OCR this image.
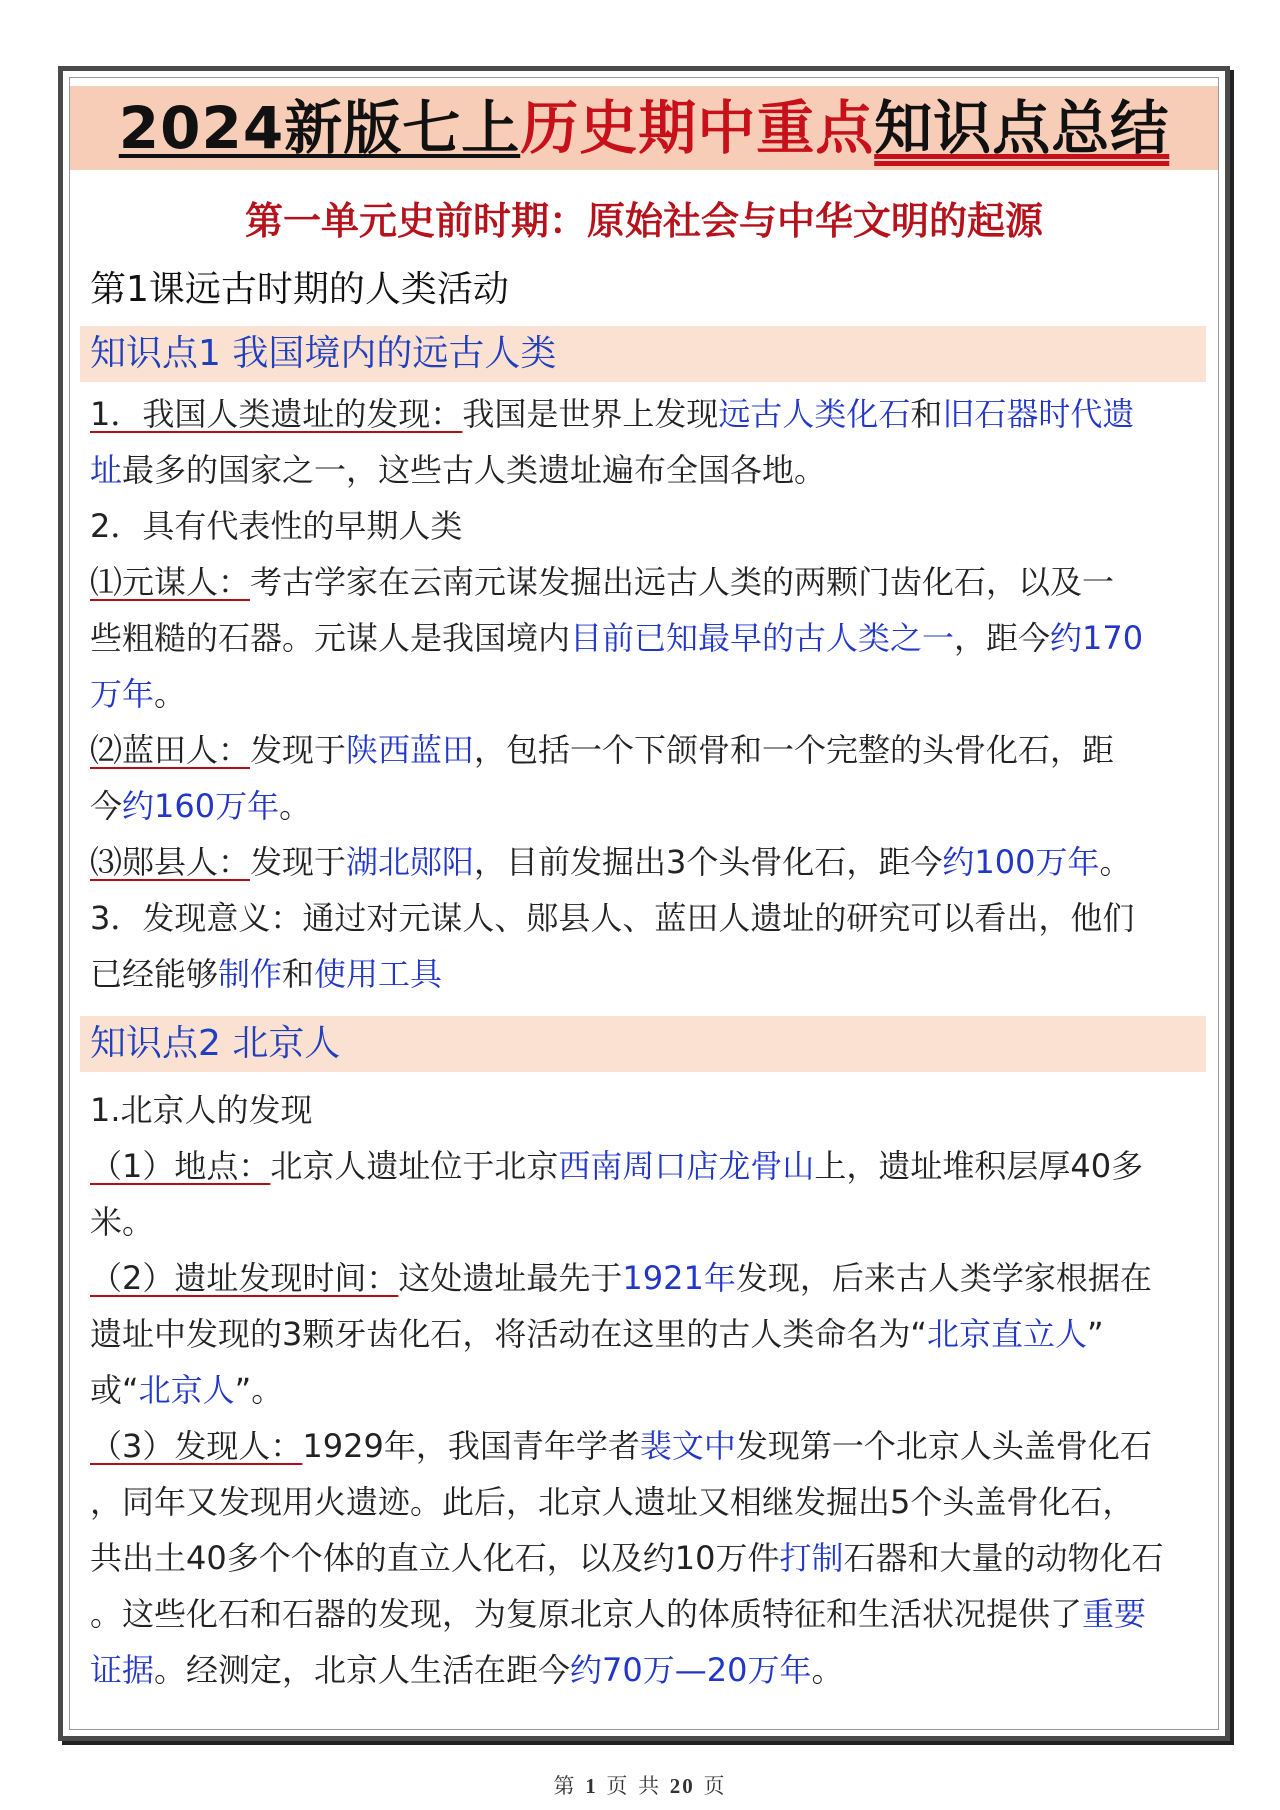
2024新版七上历史期中重点知识点总结
第一单元史前时期：原始社会与中华文明的起源
第1课远古时期的人类活动
知识点1 我国境内的远古人类
1．我国人类遗址的发现：我国是世界上发现远古人类化石和旧石器时代遗
址最多的国家之一，这些古人类遗址遍布全国各地。
2．具有代表性的早期人类
⑴元谋人：考古学家在云南元谋发掘出远古人类的两颗门齿化石，以及一
些粗糙的石器。元谋人是我国境内目前已知最早的古人类之一，距今约170
万年。
⑵蓝田人：发现于陕西蓝田，包括一个下颌骨和一个完整的头骨化石，距
今约160万年。
⑶郧县人：发现于湖北郧阳，目前发掘出3个头骨化石，距今约100万年。
3．发现意义：通过对元谋人、郧县人、蓝田人遗址的研究可以看出，他们
已经能够制作和使用工具
知识点2 北京人
1.北京人的发现
（1）地点：北京人遗址位于北京西南周口店龙骨山上，遗址堆积层厚40多
米。
（2）遗址发现时间：这处遗址最先于1921年发现，后来古人类学家根据在
遗址中发现的3颗牙齿化石，将活动在这里的古人类命名为“北京直立人”
或“北京人”。
（3）发现人：1929年，我国青年学者裴文中发现第一个北京人头盖骨化石
，同年又发现用火遗迹。此后，北京人遗址又相继发掘出5个头盖骨化石，
共出土40多个个体的直立人化石，以及约10万件打制石器和大量的动物化石
。这些化石和石器的发现，为复原北京人的体质特征和生活状况提供了重要
证据。经测定，北京人生活在距今约70万—20万年。
第 1 页 共 20 页
